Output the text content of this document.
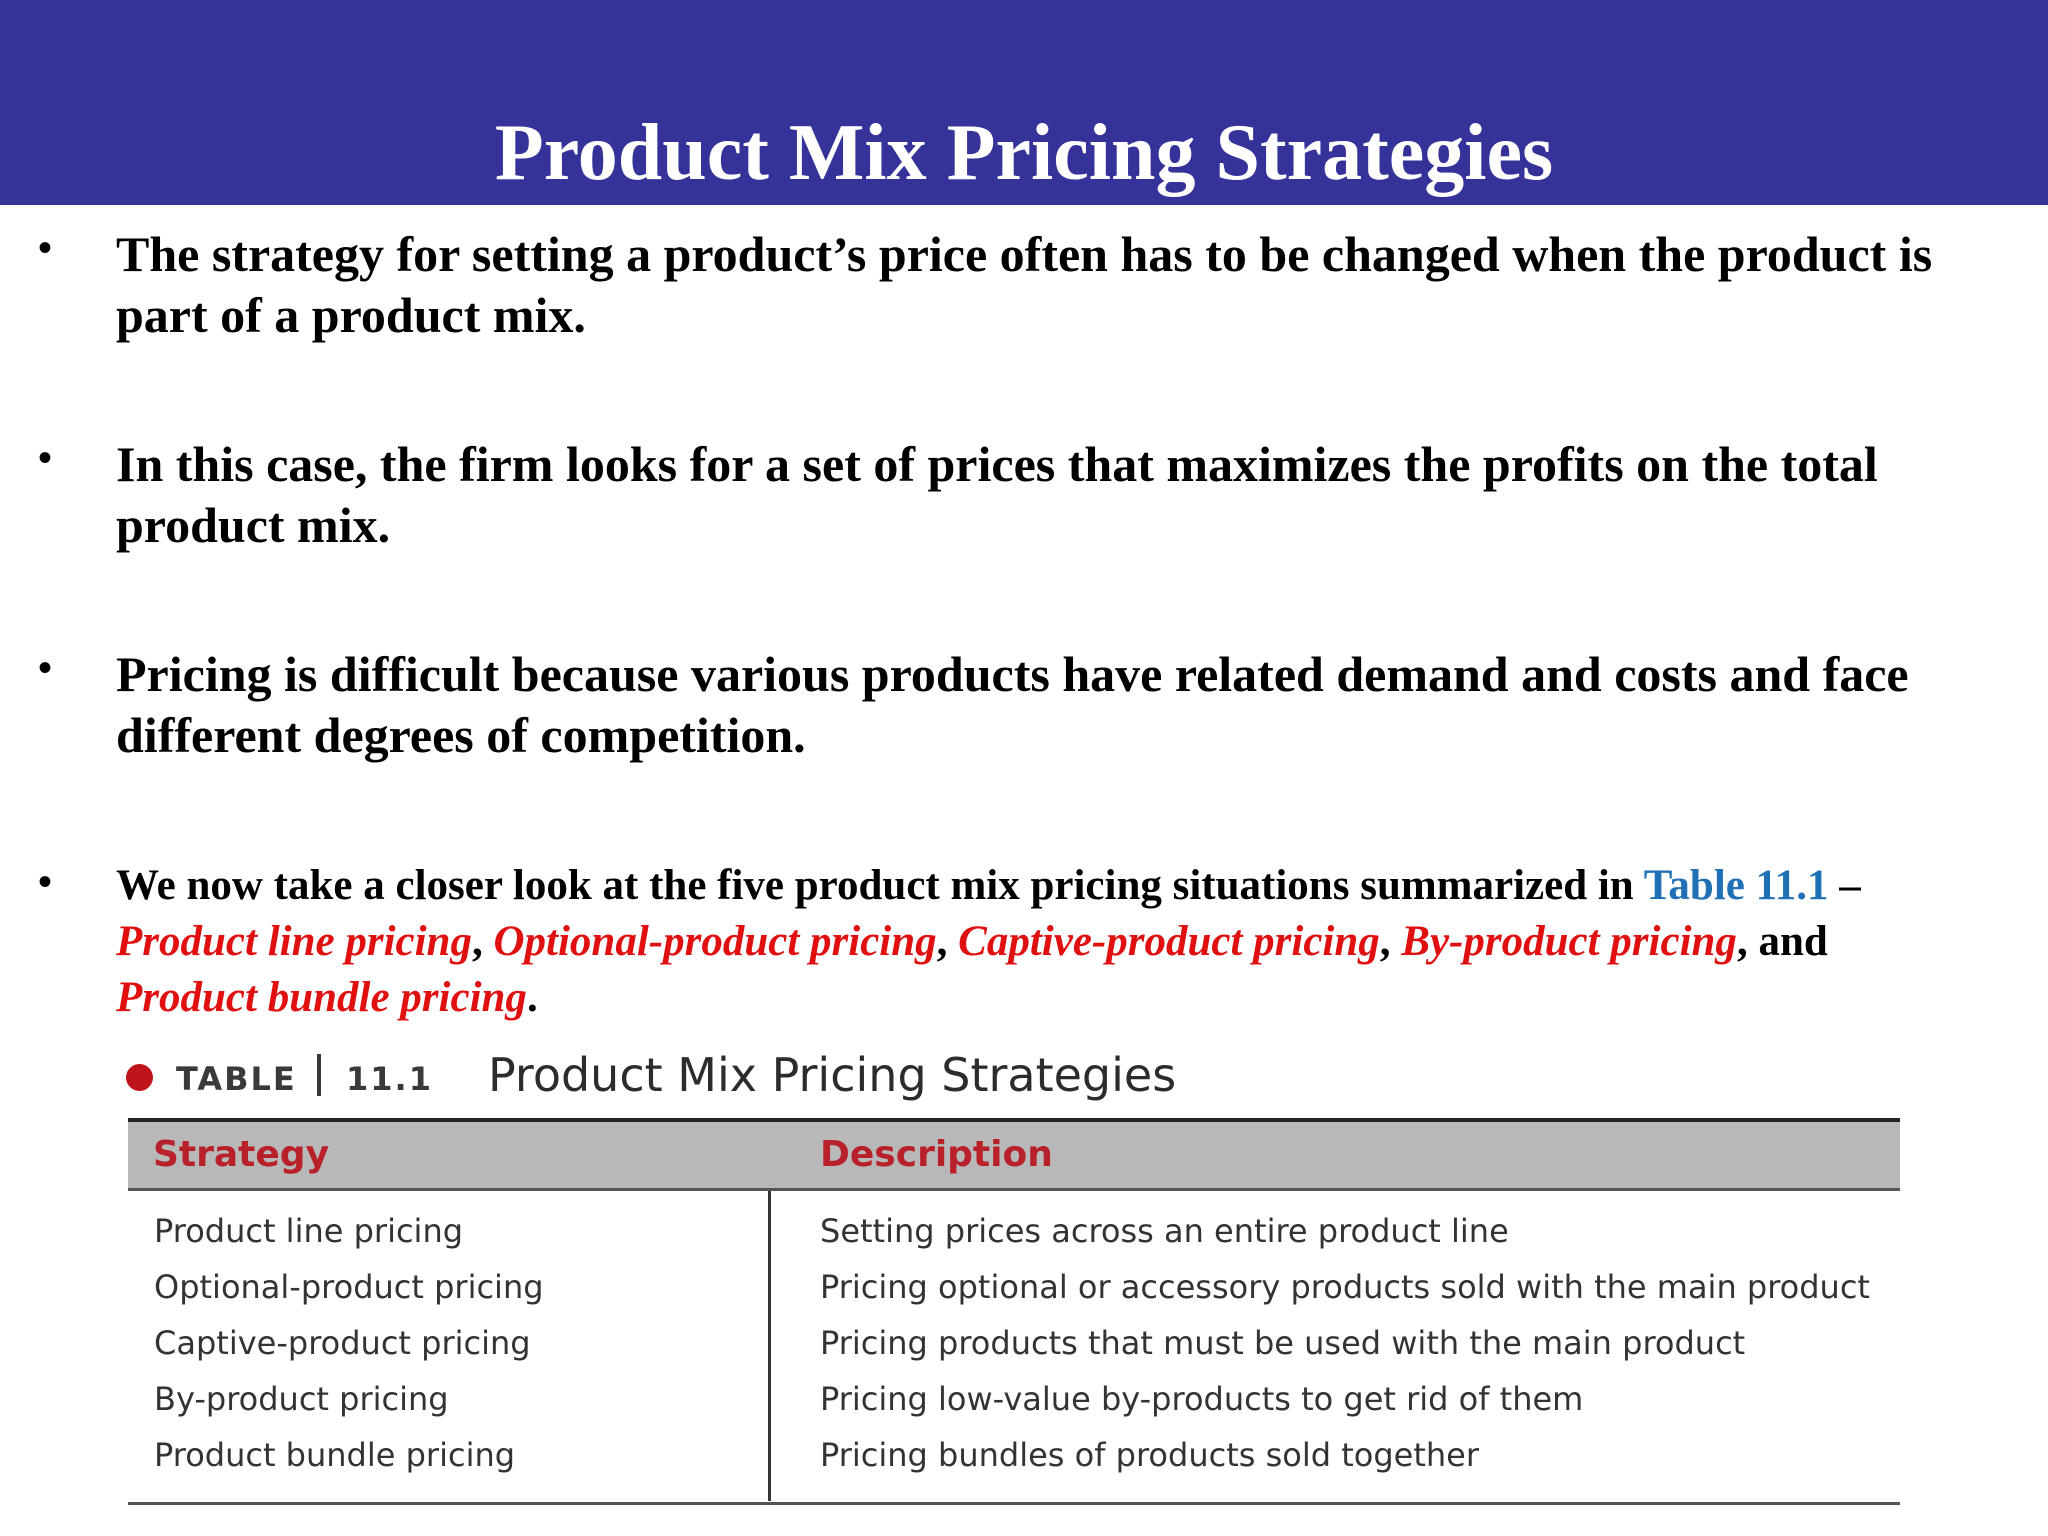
Product Mix Pricing Strategies
• The strategy for setting a product’s price often has to be changed when the product is part of a product mix.
• In this case, the firm looks for a set of prices that maximizes the profits on the total product mix.
• Pricing is difficult because various products have related demand and costs and face different degrees of competition.
• We now take a closer look at the five product mix pricing situations summarized in Table 11.1 –
Product line pricing, Optional-product pricing, Captive-product pricing, By-product pricing, and
Product bundle pricing.
TABLE 11.1 Product Mix Pricing Strategies
Strategy	Description
Product line pricing	Setting prices across an entire product line
Optional-product pricing	Pricing optional or accessory products sold with the main product
Captive-product pricing	Pricing products that must be used with the main product
By-product pricing	Pricing low-value by-products to get rid of them
Product bundle pricing	Pricing bundles of products sold together
